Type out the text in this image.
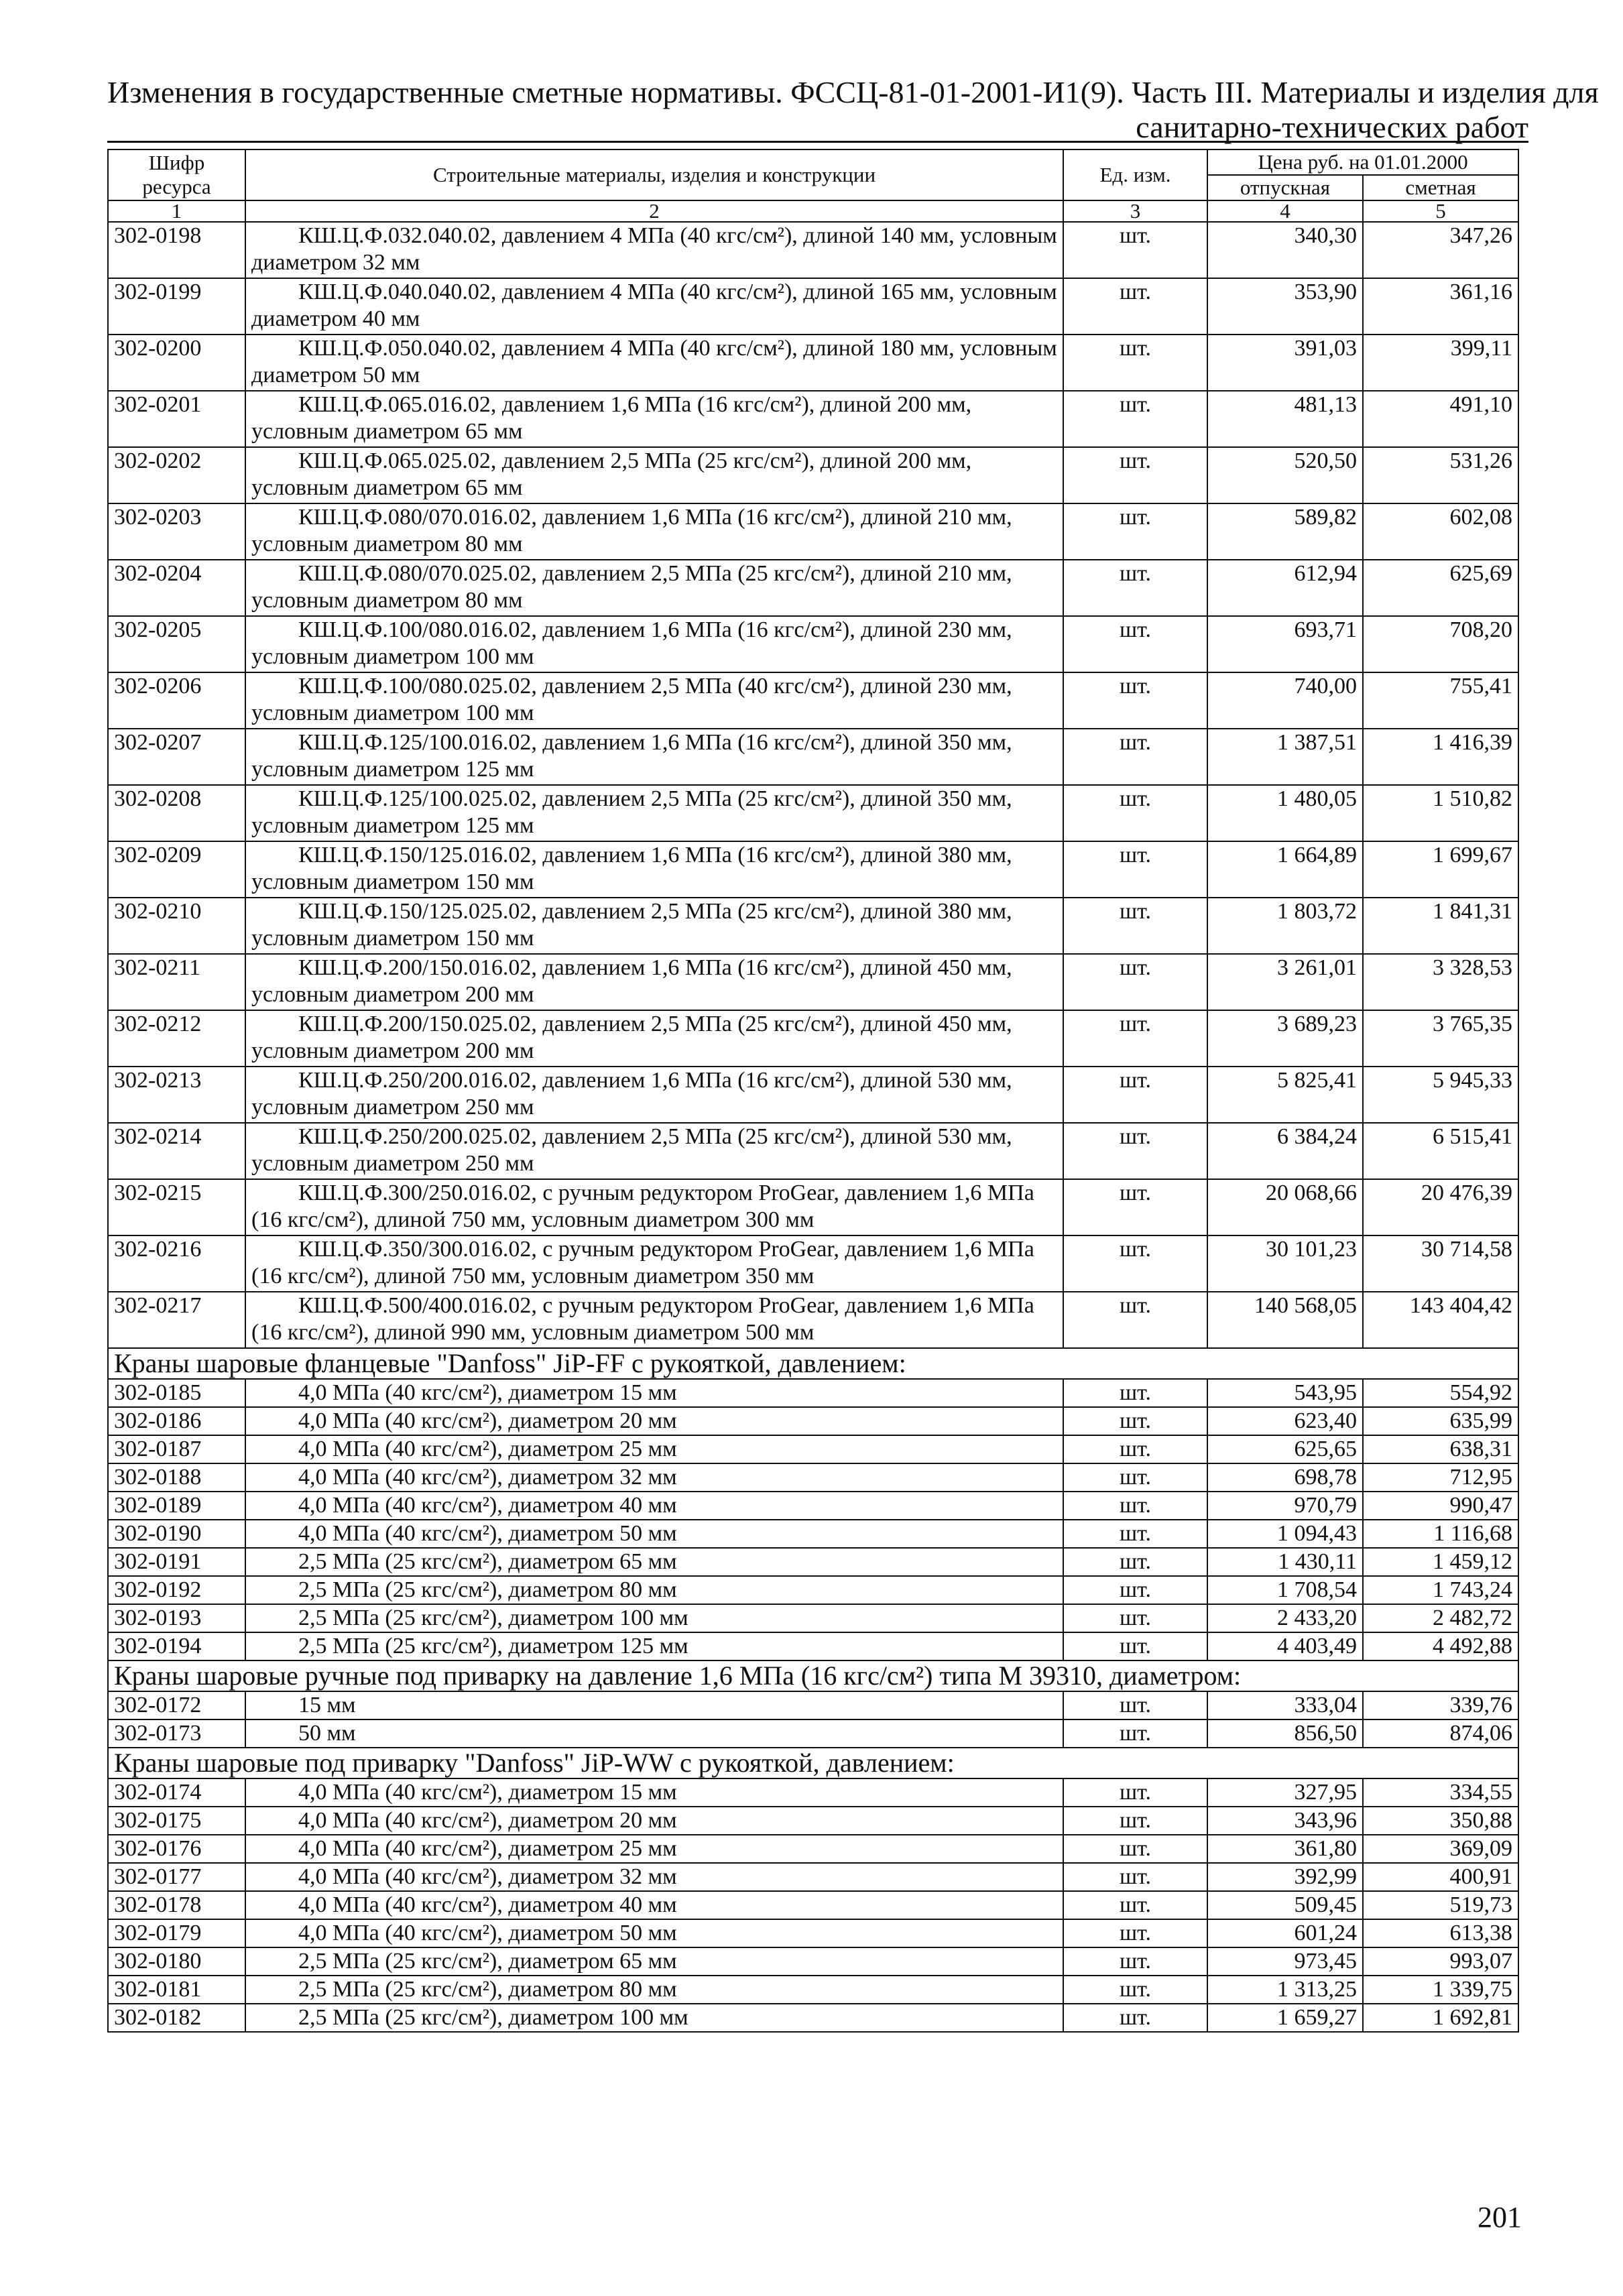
Изменения в государственные сметные нормативы. ФССЦ-81-01-2001-И1(9). Часть III. Материалы и изделия для
санитарно-технических работ
Шифр ресурса	Строительные материалы, изделия и конструкции	Ед. изм.	Цена руб. на 01.01.2000	
			отпускная	сметная
1	2	3	4	5
302-0198	КШ.Ц.Ф.032.040.02, давлением 4 МПа (40 кгс/см²), длиной 140 мм, условным диаметром 32 мм	шт.	340,30	347,26
302-0199	КШ.Ц.Ф.040.040.02, давлением 4 МПа (40 кгс/см²), длиной 165 мм, условным диаметром 40 мм	шт.	353,90	361,16
302-0200	КШ.Ц.Ф.050.040.02, давлением 4 МПа (40 кгс/см²), длиной 180 мм, условным диаметром 50 мм	шт.	391,03	399,11
302-0201	КШ.Ц.Ф.065.016.02, давлением 1,6 МПа (16 кгс/см²), длиной 200 мм, условным диаметром 65 мм	шт.	481,13	491,10
302-0202	КШ.Ц.Ф.065.025.02, давлением 2,5 МПа (25 кгс/см²), длиной 200 мм, условным диаметром 65 мм	шт.	520,50	531,26
302-0203	КШ.Ц.Ф.080/070.016.02, давлением 1,6 МПа (16 кгс/см²), длиной 210 мм, условным диаметром 80 мм	шт.	589,82	602,08
302-0204	КШ.Ц.Ф.080/070.025.02, давлением 2,5 МПа (25 кгс/см²), длиной 210 мм, условным диаметром 80 мм	шт.	612,94	625,69
302-0205	КШ.Ц.Ф.100/080.016.02, давлением 1,6 МПа (16 кгс/см²), длиной 230 мм, условным диаметром 100 мм	шт.	693,71	708,20
302-0206	КШ.Ц.Ф.100/080.025.02, давлением 2,5 МПа (40 кгс/см²), длиной 230 мм, условным диаметром 100 мм	шт.	740,00	755,41
302-0207	КШ.Ц.Ф.125/100.016.02, давлением 1,6 МПа (16 кгс/см²), длиной 350 мм, условным диаметром 125 мм	шт.	1 387,51	1 416,39
302-0208	КШ.Ц.Ф.125/100.025.02, давлением 2,5 МПа (25 кгс/см²), длиной 350 мм, условным диаметром 125 мм	шт.	1 480,05	1 510,82
302-0209	КШ.Ц.Ф.150/125.016.02, давлением 1,6 МПа (16 кгс/см²), длиной 380 мм, условным диаметром 150 мм	шт.	1 664,89	1 699,67
302-0210	КШ.Ц.Ф.150/125.025.02, давлением 2,5 МПа (25 кгс/см²), длиной 380 мм, условным диаметром 150 мм	шт.	1 803,72	1 841,31
302-0211	КШ.Ц.Ф.200/150.016.02, давлением 1,6 МПа (16 кгс/см²), длиной 450 мм, условным диаметром 200 мм	шт.	3 261,01	3 328,53
302-0212	КШ.Ц.Ф.200/150.025.02, давлением 2,5 МПа (25 кгс/см²), длиной 450 мм, условным диаметром 200 мм	шт.	3 689,23	3 765,35
302-0213	КШ.Ц.Ф.250/200.016.02, давлением 1,6 МПа (16 кгс/см²), длиной 530 мм, условным диаметром 250 мм	шт.	5 825,41	5 945,33
302-0214	КШ.Ц.Ф.250/200.025.02, давлением 2,5 МПа (25 кгс/см²), длиной 530 мм, условным диаметром 250 мм	шт.	6 384,24	6 515,41
302-0215	КШ.Ц.Ф.300/250.016.02, с ручным редуктором ProGear, давлением 1,6 МПа (16 кгс/см²), длиной 750 мм, условным диаметром 300 мм	шт.	20 068,66	20 476,39
302-0216	КШ.Ц.Ф.350/300.016.02, с ручным редуктором ProGear, давлением 1,6 МПа (16 кгс/см²), длиной 750 мм, условным диаметром 350 мм	шт.	30 101,23	30 714,58
302-0217	КШ.Ц.Ф.500/400.016.02, с ручным редуктором ProGear, давлением 1,6 МПа (16 кгс/см²), длиной 990 мм, условным диаметром 500 мм	шт.	140 568,05	143 404,42
Краны шаровые фланцевые "Danfoss" JiP-FF с рукояткой, давлением:				
302-0185	4,0 МПа (40 кгс/см²), диаметром 15 мм	шт.	543,95	554,92
302-0186	4,0 МПа (40 кгс/см²), диаметром 20 мм	шт.	623,40	635,99
302-0187	4,0 МПа (40 кгс/см²), диаметром 25 мм	шт.	625,65	638,31
302-0188	4,0 МПа (40 кгс/см²), диаметром 32 мм	шт.	698,78	712,95
302-0189	4,0 МПа (40 кгс/см²), диаметром 40 мм	шт.	970,79	990,47
302-0190	4,0 МПа (40 кгс/см²), диаметром 50 мм	шт.	1 094,43	1 116,68
302-0191	2,5 МПа (25 кгс/см²), диаметром 65 мм	шт.	1 430,11	1 459,12
302-0192	2,5 МПа (25 кгс/см²), диаметром 80 мм	шт.	1 708,54	1 743,24
302-0193	2,5 МПа (25 кгс/см²), диаметром 100 мм	шт.	2 433,20	2 482,72
302-0194	2,5 МПа (25 кгс/см²), диаметром 125 мм	шт.	4 403,49	4 492,88
Краны шаровые ручные под приварку на давление 1,6 МПа (16 кгс/см²) типа М 39310, диаметром:				
302-0172	15 мм	шт.	333,04	339,76
302-0173	50 мм	шт.	856,50	874,06
Краны шаровые под приварку "Danfoss" JiP-WW с рукояткой, давлением:				
302-0174	4,0 МПа (40 кгс/см²), диаметром 15 мм	шт.	327,95	334,55
302-0175	4,0 МПа (40 кгс/см²), диаметром 20 мм	шт.	343,96	350,88
302-0176	4,0 МПа (40 кгс/см²), диаметром 25 мм	шт.	361,80	369,09
302-0177	4,0 МПа (40 кгс/см²), диаметром 32 мм	шт.	392,99	400,91
302-0178	4,0 МПа (40 кгс/см²), диаметром 40 мм	шт.	509,45	519,73
302-0179	4,0 МПа (40 кгс/см²), диаметром 50 мм	шт.	601,24	613,38
302-0180	2,5 МПа (25 кгс/см²), диаметром 65 мм	шт.	973,45	993,07
302-0181	2,5 МПа (25 кгс/см²), диаметром 80 мм	шт.	1 313,25	1 339,75
302-0182	2,5 МПа (25 кгс/см²), диаметром 100 мм	шт.	1 659,27	1 692,81
201
